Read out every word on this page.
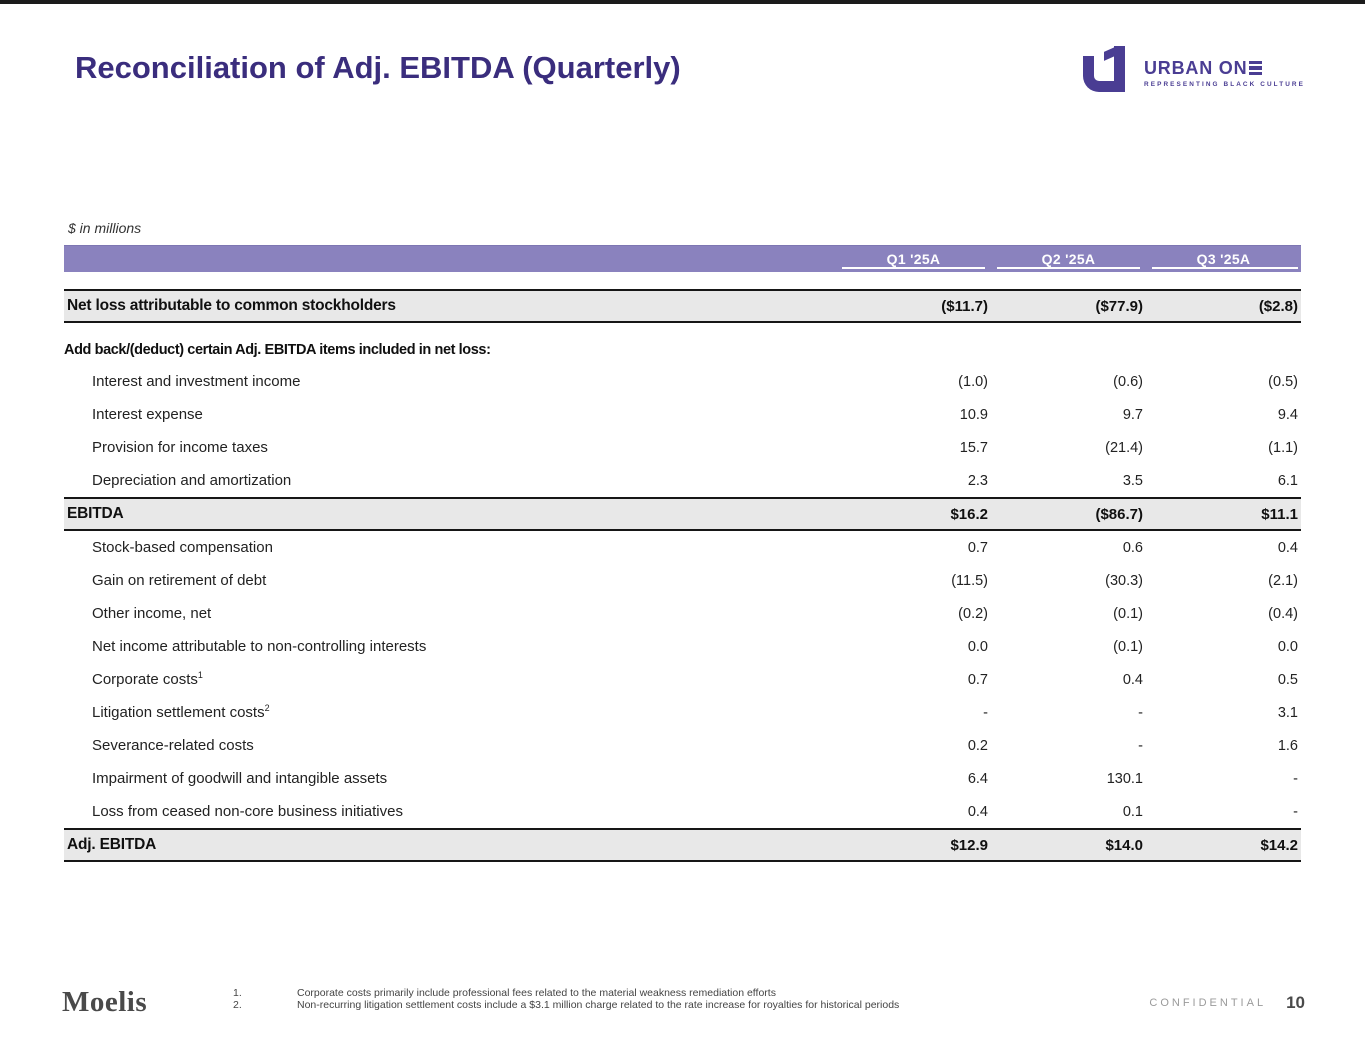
Reconciliation of Adj. EBITDA (Quarterly)	URBAN ON
REPRESENTING BLACK CULTURE
$ in millions
Q1 '25A	Q2 '25A	Q3 '25A
Net loss attributable to common stockholders	($11.7)	($77.9)	($2.8)
Add back/(deduct) certain Adj. EBITDA items included in net loss:
Interest and investment income	(1.0)	(0.6)	(0.5)
Interest expense	10.9	9.7	9.4
Provision for income taxes	15.7	(21.4)	(1.1)
Depreciation and amortization	2.3	3.5	6.1
EBITDA	$16.2	($86.7)	$11.1
Stock-based compensation	0.7	0.6	0.4
Gain on retirement of debt	(11.5)	(30.3)	(2.1)
Other income, net	(0.2)	(0.1)	(0.4)
Net income attributable to non-controlling interests	0.0	(0.1)	0.0
Corporate costs$^1$	0.7	0.4	0.5
Litigation settlement costs$^2$	-	-	3.1
Severance-related costs	0.2	-	1.6
Impairment of goodwill and intangible assets	6.4	130.1	-
Loss from ceased non-core business initiatives	0.4	0.1	-
Adj. EBITDA	$12.9	$14.0	$14.2
Moelis	1.	Corporate costs primarily include professional fees related to the material weakness remediation efforts
2.	Non-recurring litigation settlement costs include a $3.1 million charge related to the rate increase for royalties for historical periods	CONFIDENTIAL 10
